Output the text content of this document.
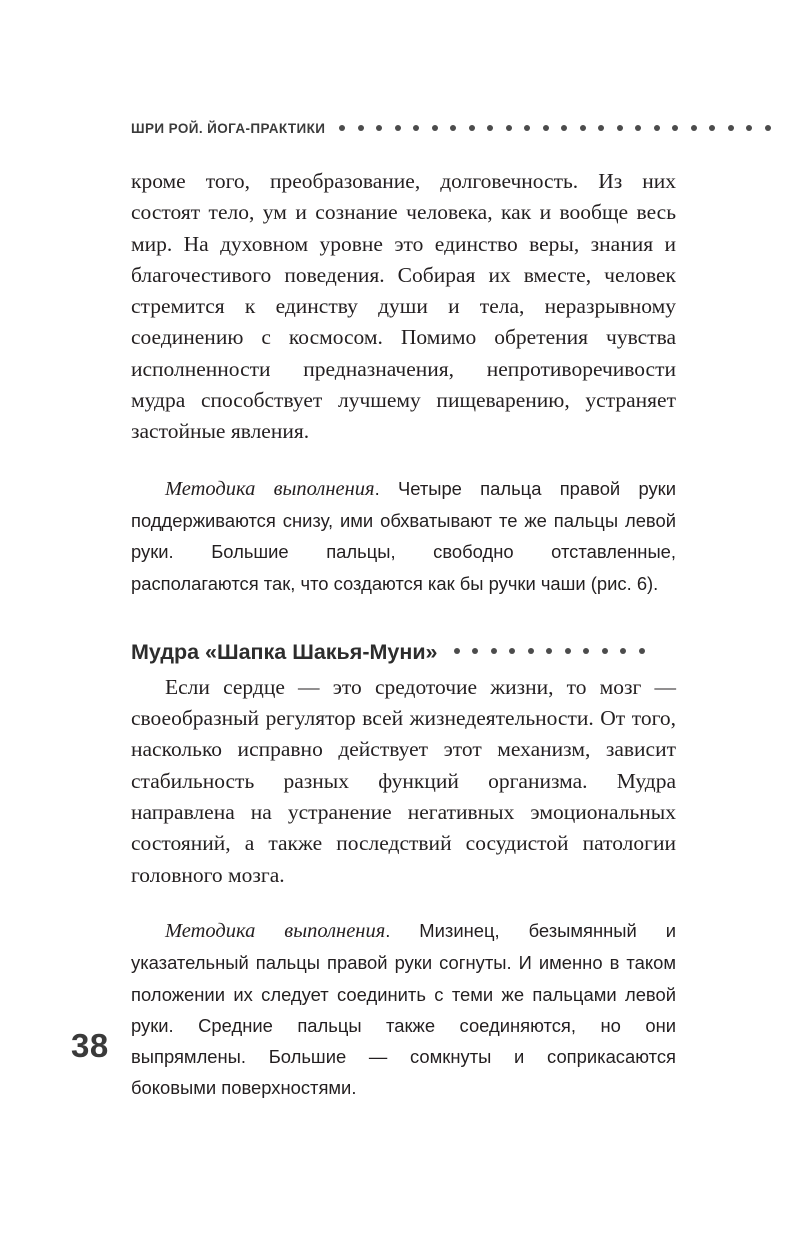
ШРИ РОЙ. ЙОГА-ПРАКТИКИ

кроме того, преобразование, долговечность. Из них состоят тело, ум и сознание человека, как и вообще весь мир. На духовном уровне это единство веры, знания и благочестивого поведения. Собирая их вместе, человек стремится к единству души и тела, неразрывному соединению с космосом. Помимо обретения чувства исполненности предназначения, непротиворечивости мудра способствует лучшему пищеварению, устраняет застойные явления.

Методика выполнения. Четыре пальца правой руки поддерживаются снизу, ими обхватывают те же пальцы левой руки. Большие пальцы, свободно отставленные, располагаются так, что создаются как бы ручки чаши (рис. 6).

Мудра «Шапка Шакья-Муни»

Если сердце — это средоточие жизни, то мозг — своеобразный регулятор всей жизнедеятельности. От того, насколько исправно действует этот механизм, зависит стабильность разных функций организма. Мудра направлена на устранение негативных эмоциональных состояний, а также последствий сосудистой патологии головного мозга.

Методика выполнения. Мизинец, безымянный и указательный пальцы правой руки согнуты. И именно в таком положении их следует соединить с теми же пальцами левой руки. Средние пальцы также соединяются, но они выпрямлены. Большие — сомкнуты и соприкасаются боковыми поверхностями.

38
